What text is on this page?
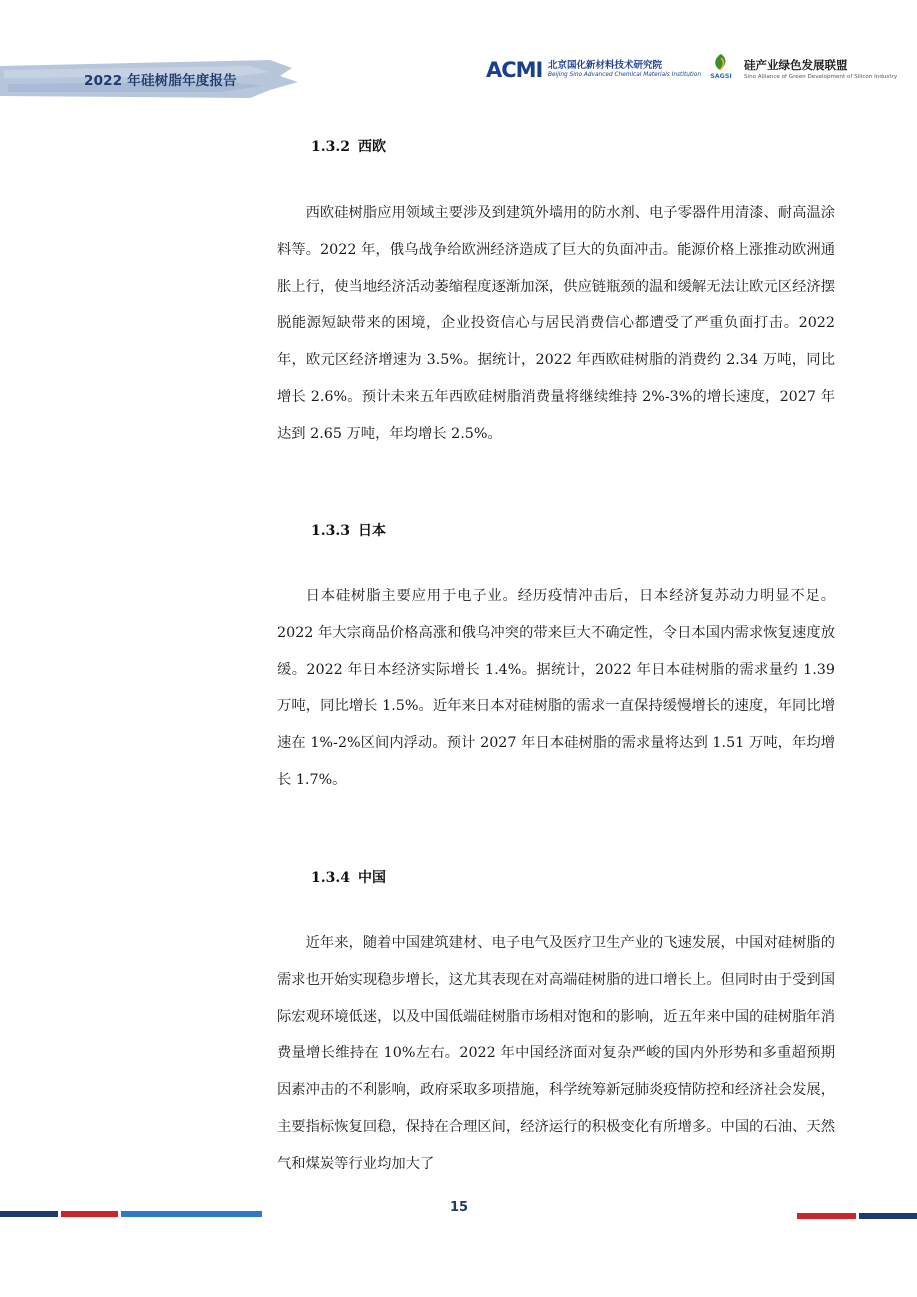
2022 年硅树脂年度报告	ACMI 北京国化新材料技术研究院
Beijing Sino Advanced Chemical Materials Institution	SAGSI
硅产业绿色发展联盟
Sino Alliance of Green Development of Silicon Industry
1.3.2 西欧
西欧硅树脂应用领域主要涉及到建筑外墙用的防水剂、电子零器件用清漆、耐高温涂料等。2022 年，俄乌战争给欧洲经济造成了巨大的负面冲击。能源价格上涨推动欧洲通胀上行，使当地经济活动萎缩程度逐渐加深，供应链瓶颈的温和缓解无法让欧元区经济摆脱能源短缺带来的困境，企业投资信心与居民消费信心都遭受了严重负面打击。2022 年，欧元区经济增速为 3.5%。据统计，2022 年西欧硅树脂的消费约 2.34 万吨，同比增长 2.6%。预计未来五年西欧硅树脂消费量将继续维持 2%-3%的增长速度，2027 年达到 2.65 万吨，年均增长 2.5%。
1.3.3 日本
日本硅树脂主要应用于电子业。经历疫情冲击后，日本经济复苏动力明显不足。2022 年大宗商品价格高涨和俄乌冲突的带来巨大不确定性，令日本国内需求恢复速度放缓。2022 年日本经济实际增长 1.4%。据统计，2022 年日本硅树脂的需求量约 1.39 万吨，同比增长 1.5%。近年来日本对硅树脂的需求一直保持缓慢增长的速度，年同比增速在 1%-2%区间内浮动。预计 2027 年日本硅树脂的需求量将达到 1.51 万吨，年均增长 1.7%。
1.3.4 中国
近年来，随着中国建筑建材、电子电气及医疗卫生产业的飞速发展，中国对硅树脂的需求也开始实现稳步增长，这尤其表现在对高端硅树脂的进口增长上。但同时由于受到国际宏观环境低迷，以及中国低端硅树脂市场相对饱和的影响，近五年来中国的硅树脂年消费量增长维持在 10%左右。2022 年中国经济面对复杂严峻的国内外形势和多重超预期因素冲击的不利影响，政府采取多项措施，科学统筹新冠肺炎疫情防控和经济社会发展，主要指标恢复回稳，保持在合理区间，经济运行的积极变化有所增多。中国的石油、天然气和煤炭等行业均加大了
15
